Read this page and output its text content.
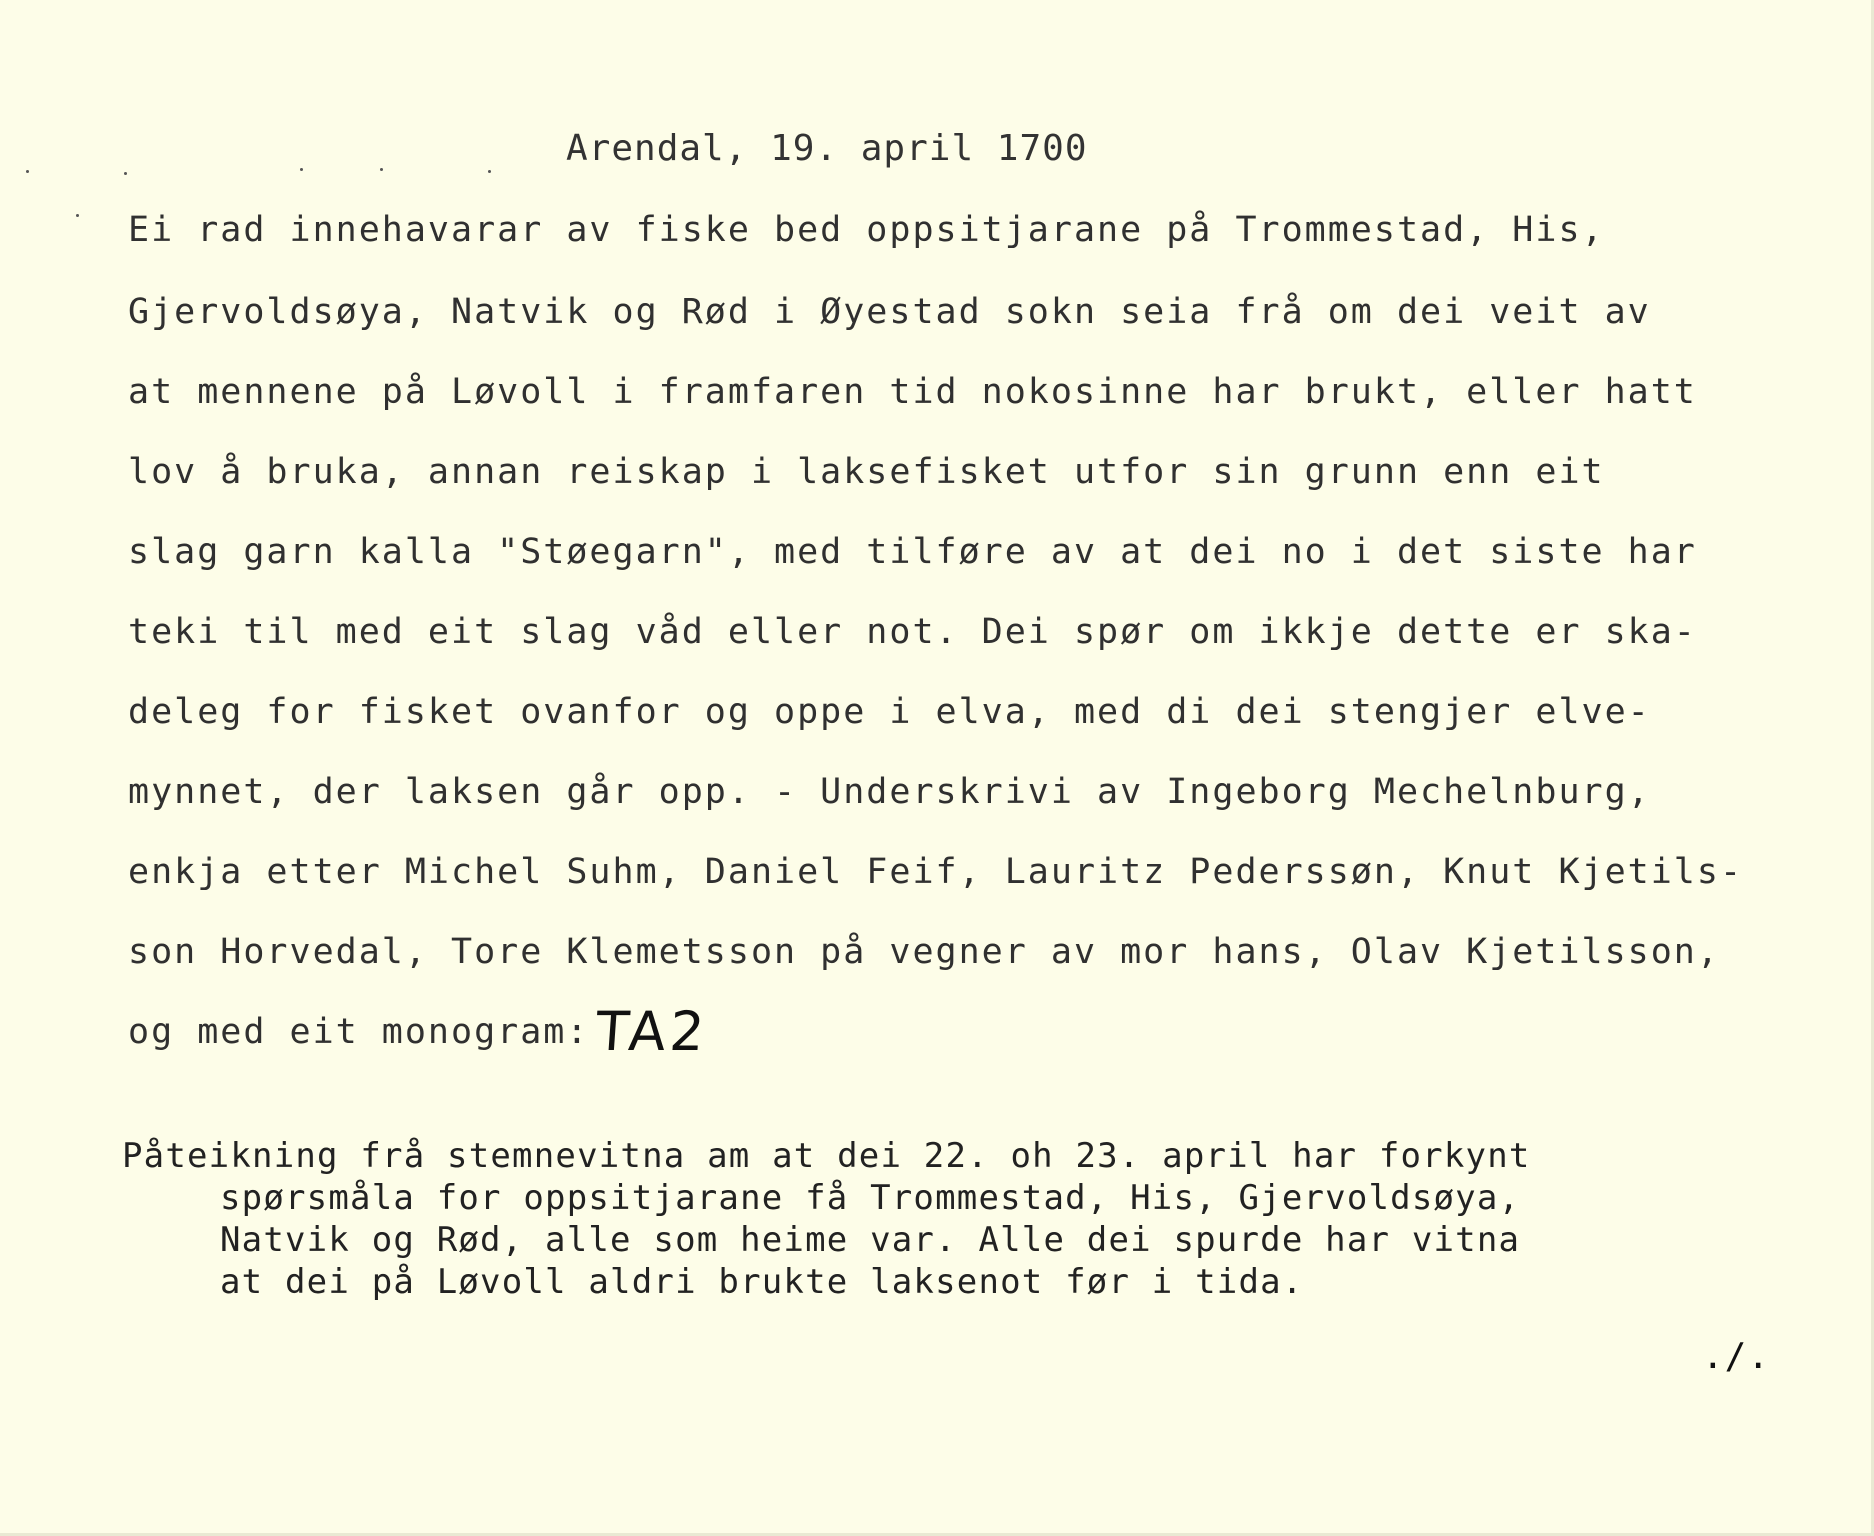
Arendal, 19. april 1700
Ei rad innehavarar av fiske bed oppsitjarane på Trommestad, His,
Gjervoldsøya, Natvik og Rød i Øyestad sokn seia frå om dei veit av
at mennene på Løvoll i framfaren tid nokosinne har brukt, eller hatt
lov å bruka, annan reiskap i laksefisket utfor sin grunn enn eit
slag garn kalla "Støegarn", med tilføre av at dei no i det siste har
teki til med eit slag våd eller not. Dei spør om ikkje dette er ska-
deleg for fisket ovanfor og oppe i elva, med di dei stengjer elve-
mynnet, der laksen går opp. - Underskrivi av Ingeborg Mechelnburg,
enkja etter Michel Suhm, Daniel Feif, Lauritz Pederssøn, Knut Kjetils-
son Horvedal, Tore Klemetsson på vegner av mor hans, Olav Kjetilsson,
og med eit monogram: TA2
Påteikning frå stemnevitna am at dei 22. oh 23. april har forkynt
spørsmåla for oppsitjarane få Trommestad, His, Gjervoldsøya,
Natvik og Rød, alle som heime var. Alle dei spurde har vitna
at dei på Løvoll aldri brukte laksenot før i tida.
./.
